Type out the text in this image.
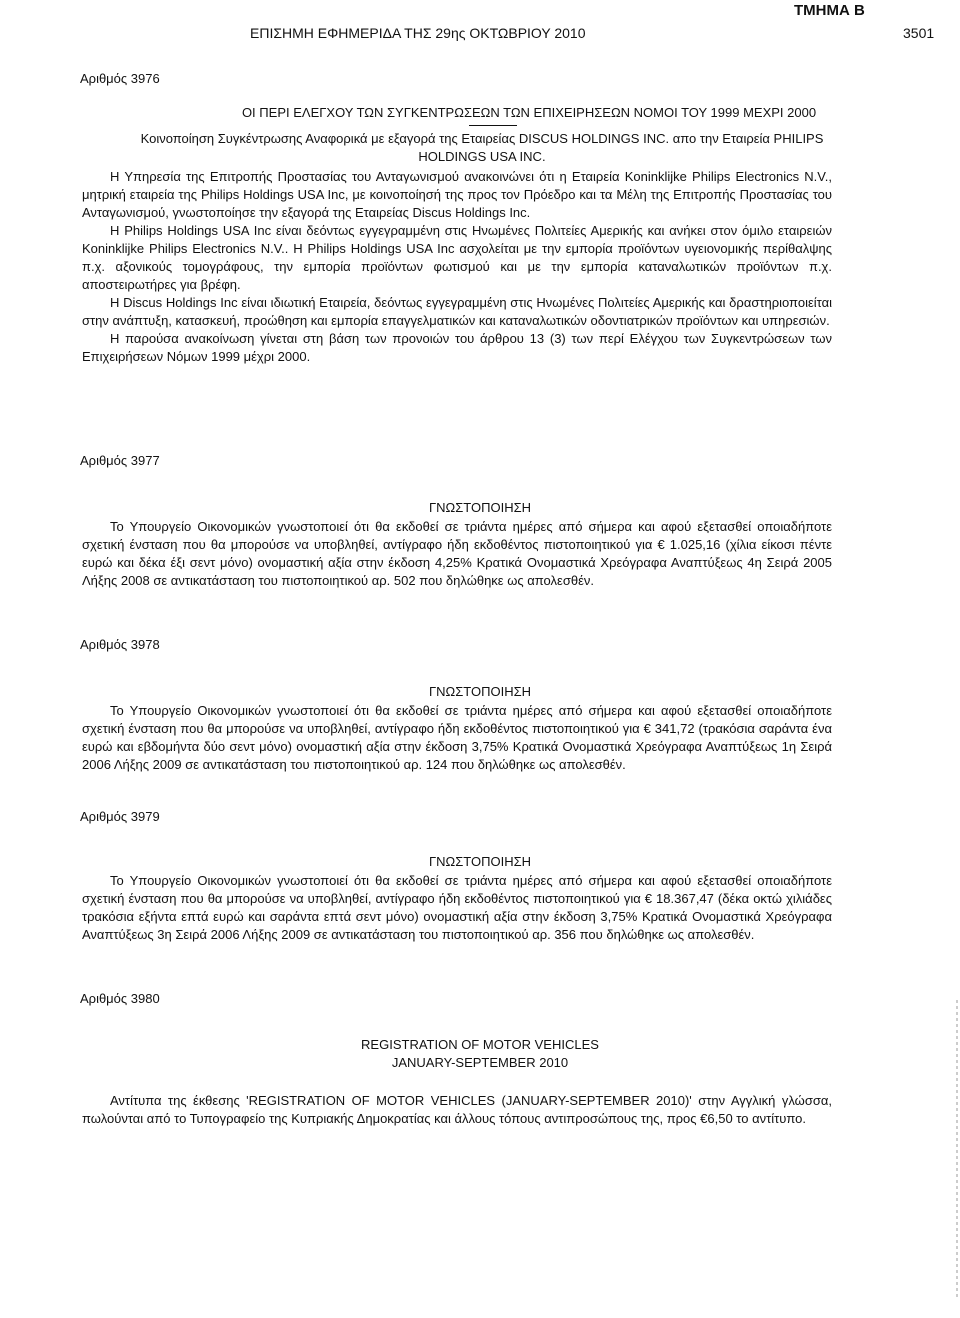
ΤΜΗΜΑ Β
ΕΠΙΣΗΜΗ ΕΦΗΜΕΡΙΔΑ ΤΗΣ 29ης ΟΚΤΩΒΡΙΟΥ 2010	3501
Αριθμός 3976
ΟΙ ΠΕΡΙ ΕΛΕΓΧΟΥ ΤΩΝ ΣΥΓΚΕΝΤΡΩΣΕΩΝ ΤΩΝ ΕΠΙΧΕΙΡΗΣΕΩΝ ΝΟΜΟΙ ΤΟΥ 1999 ΜΕΧΡΙ 2000
Κοινοποίηση Συγκέντρωσης Αναφορικά με εξαγορά της Εταιρείας DISCUS HOLDINGS INC. απο την Εταιρεία PHILIPS
HOLDINGS USA INC.

Η Υπηρεσία της Επιτροπής Προστασίας του Ανταγωνισμού ανακοινώνει ότι η Εταιρεία Koninklijke Philips Electronics N.V., μητρική εταιρεία της Philips Holdings USA Inc, με κοινοποίησή της προς τον Πρόεδρο και τα Μέλη της Επιτροπής Προστασίας του Ανταγωνισμού, γνωστοποίησε την εξαγορά της Εταιρείας Discus Holdings Inc.

Η Philips Holdings USA Inc είναι δεόντως εγγεγραμμένη στις Ηνωμένες Πολιτείες Αμερικής και ανήκει στον όμιλο εταιρειών Koninklijke Philips Electronics N.V.. Η Philips Holdings USA Inc ασχολείται με την εμπορία προϊόντων υγειονομικής περίθαλψης π.χ. αξονικούς τομογράφους, την εμπορία προϊόντων φωτισμού και με την εμπορία καταναλωτικών προϊόντων π.χ. αποστειρωτήρες για βρέφη.

Η Discus Holdings Inc είναι ιδιωτική Εταιρεία, δεόντως εγγεγραμμένη στις Ηνωμένες Πολιτείες Αμερικής και δραστηριοποιείται στην ανάπτυξη, κατασκευή, προώθηση και εμπορία επαγγελματικών και καταναλωτικών οδοντιατρικών προϊόντων και υπηρεσιών.

Η παρούσα ανακοίνωση γίνεται στη βάση των προνοιών του άρθρου 13 (3) των περί Ελέγχου των Συγκεντρώσεων των Επιχειρήσεων Νόμων 1999 μέχρι 2000.

Αριθμός 3977
ΓΝΩΣΤΟΠΟΙΗΣΗ
Το Υπουργείο Οικονομικών γνωστοποιεί ότι θα εκδοθεί σε τριάντα ημέρες από σήμερα και αφού εξετασθεί οποιαδήποτε σχετική ένσταση που θα μπορούσε να υποβληθεί, αντίγραφο ήδη εκδοθέντος πιστοποιητικού για € 1.025,16 (χίλια είκοσι πέντε ευρώ και δέκα έξι σεντ μόνο) ονομαστική αξία στην έκδοση 4,25% Κρατικά Ονομαστικά Χρεόγραφα Αναπτύξεως 4η Σειρά 2005 Λήξης 2008 σε αντικατάσταση του πιστοποιητικού αρ. 502 που δηλώθηκε ως απολεσθέν.
Αριθμός 3978
ΓΝΩΣΤΟΠΟΙΗΣΗ
Το Υπουργείο Οικονομικών γνωστοποιεί ότι θα εκδοθεί σε τριάντα ημέρες από σήμερα και αφού εξετασθεί οποιαδήποτε σχετική ένσταση που θα μπορούσε να υποβληθεί, αντίγραφο ήδη εκδοθέντος πιστοποιητικού για € 341,72 (τρακόσια σαράντα ένα ευρώ και εβδομήντα δύο σεντ μόνο) ονομαστική αξία στην έκδοση 3,75% Κρατικά Ονομαστικά Χρεόγραφα Αναπτύξεως 1η Σειρά 2006 Λήξης 2009 σε αντικατάσταση του πιστοποιητικού αρ. 124 που δηλώθηκε ως απολεσθέν.
Αριθμός 3979
ΓΝΩΣΤΟΠΟΙΗΣΗ
Το Υπουργείο Οικονομικών γνωστοποιεί ότι θα εκδοθεί σε τριάντα ημέρες από σήμερα και αφού εξετασθεί οποιαδήποτε σχετική ένσταση που θα μπορούσε να υποβληθεί, αντίγραφο ήδη εκδοθέντος πιστοποιητικού για € 18.367,47 (δέκα οκτώ χιλιάδες τρακόσια εξήντα επτά ευρώ και σαράντα επτά σεντ μόνο) ονομαστική αξία στην έκδοση 3,75% Κρατικά Ονομαστικά Χρεόγραφα Αναπτύξεως 3η Σειρά 2006 Λήξης 2009 σε αντικατάσταση του πιστοποιητικού αρ. 356 που δηλώθηκε ως απολεσθέν.
Αριθμός 3980
REGISTRATION OF MOTOR VEHICLES
JANUARY-SEPTEMBER 2010
Αντίτυπα της έκθεσης 'REGISTRATION OF MOTOR VEHICLES (JANUARY-SEPTEMBER 2010)' στην Αγγλική γλώσσα, πωλούνται από το Τυπογραφείο της Κυπριακής Δημοκρατίας και άλλους τόπους αντιπροσώπους της, προς €6,50 το αντίτυπο.
